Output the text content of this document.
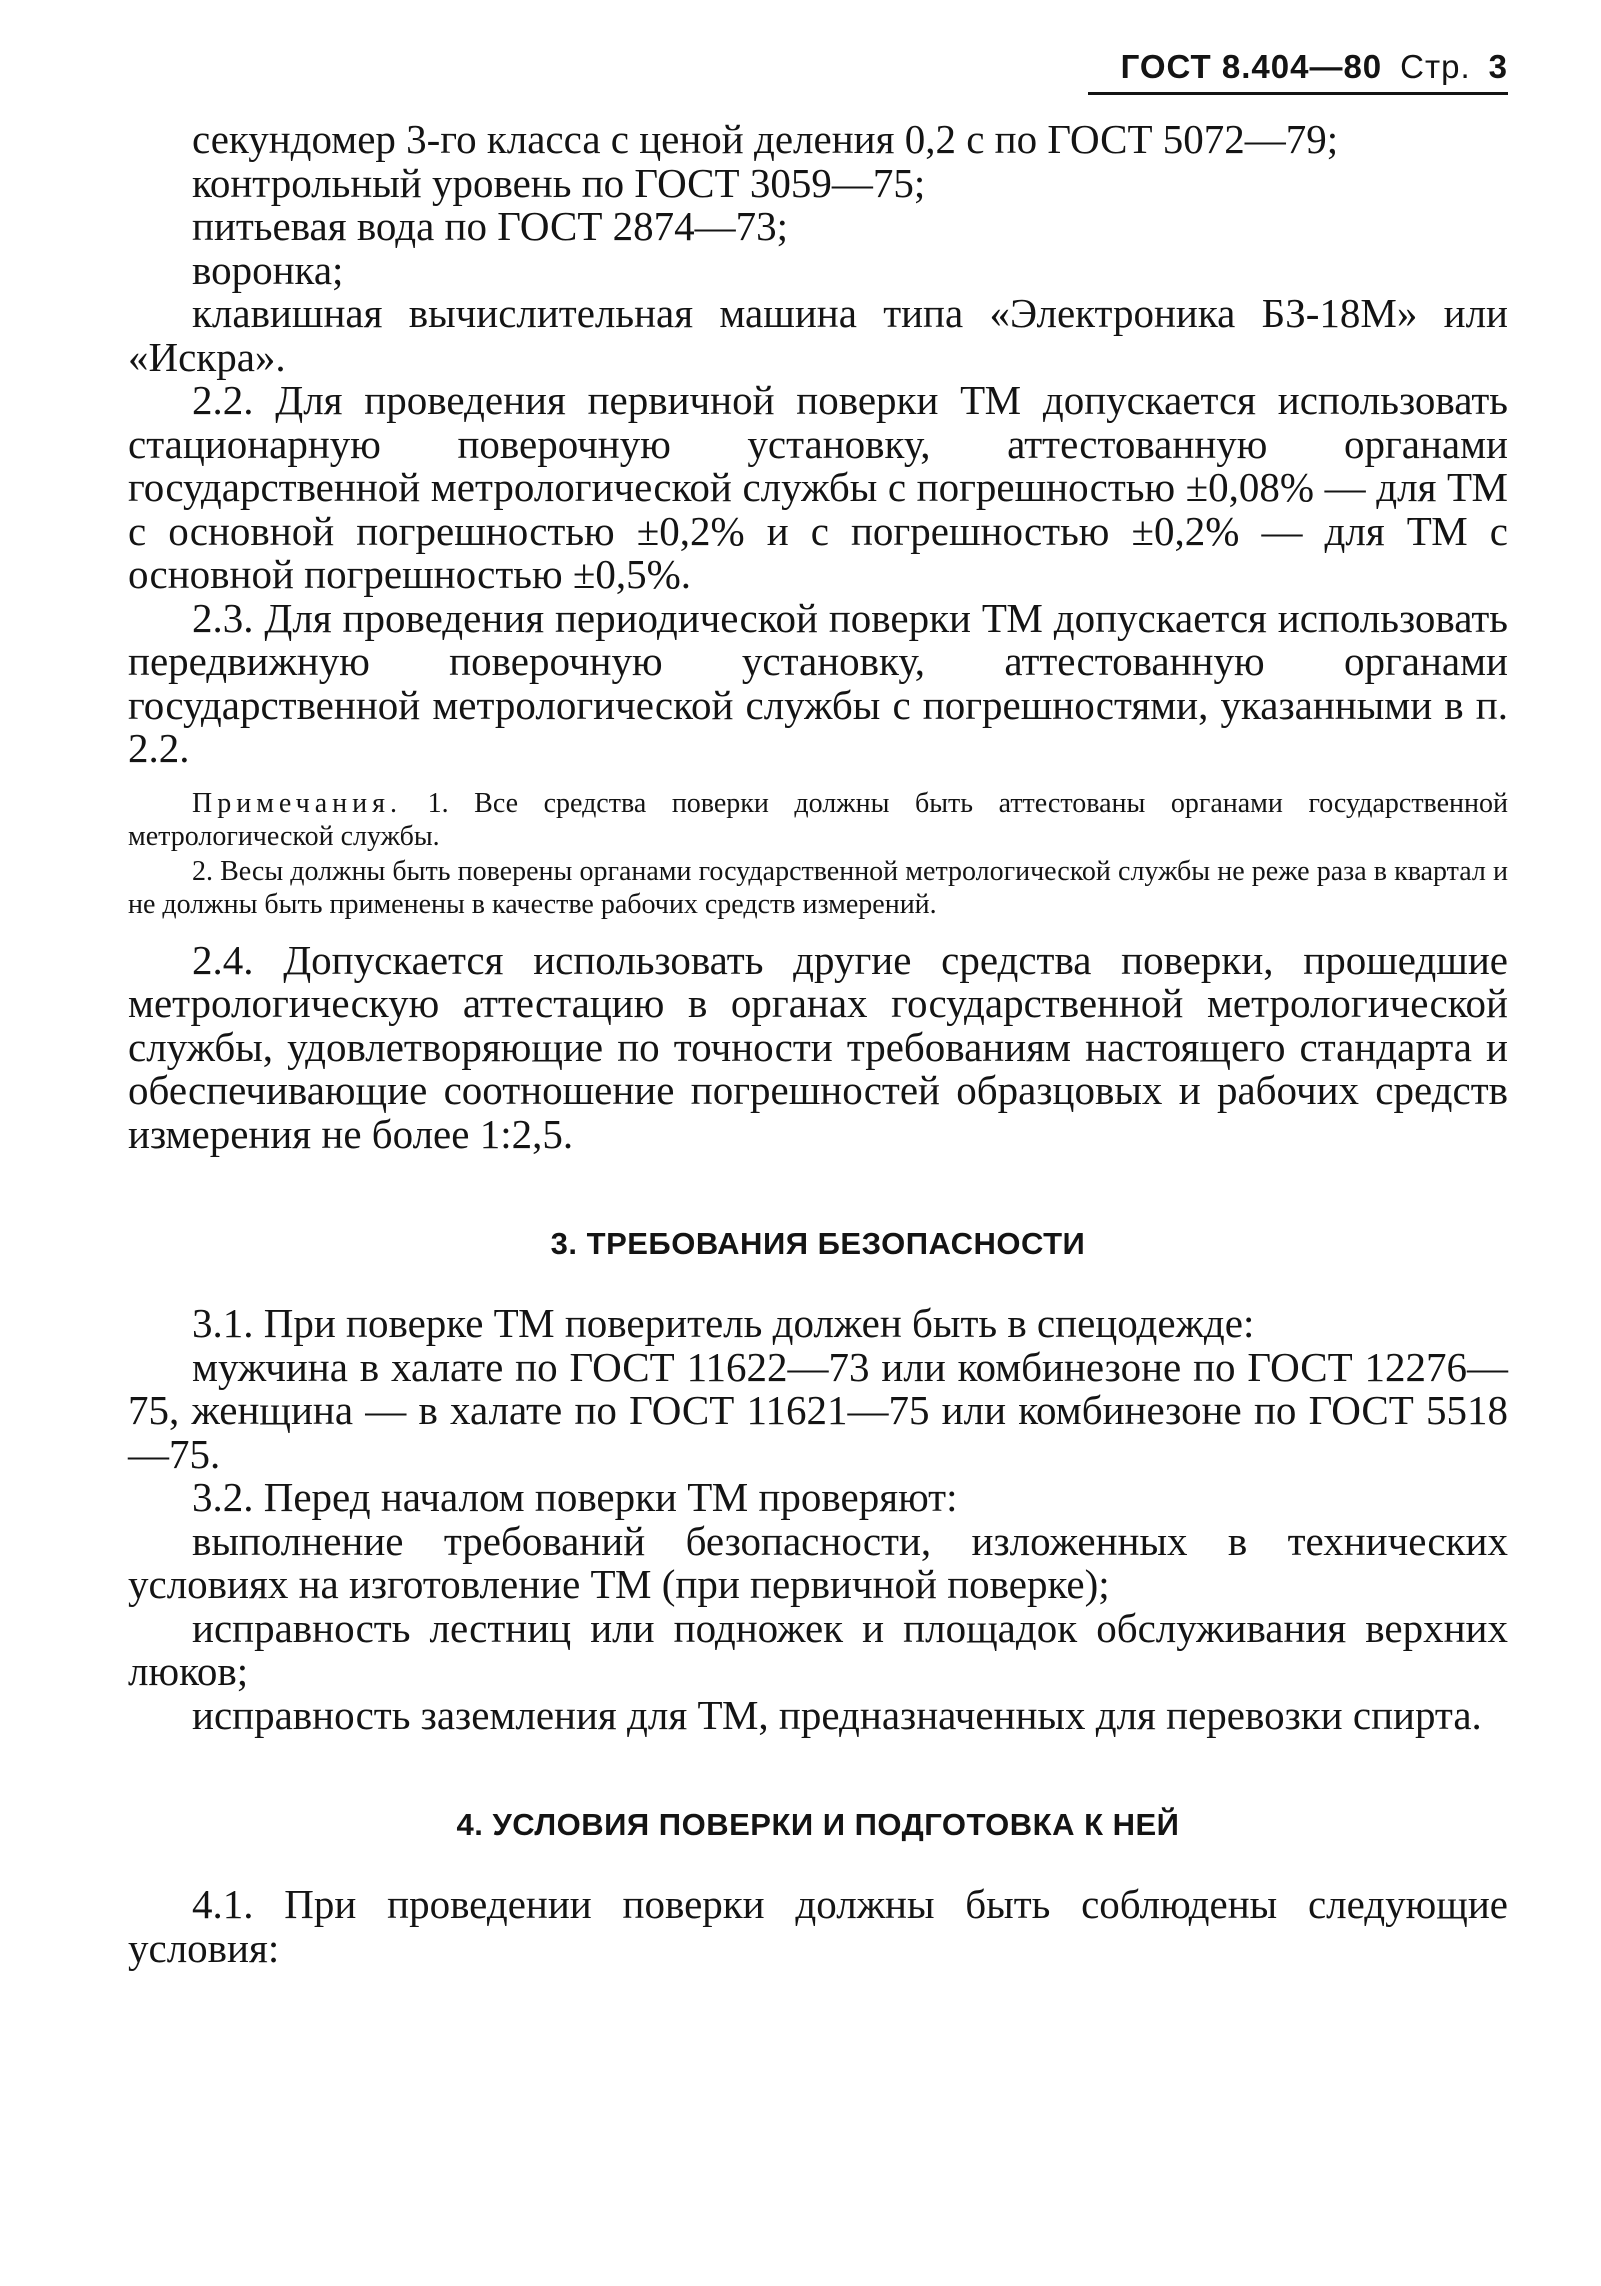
ГОСТ 8.404—80 Стр. 3

секундомер 3-го класса с ценой деления 0,2 с по ГОСТ 5072—79;

контрольный уровень по ГОСТ 3059—75;

питьевая вода по ГОСТ 2874—73;

воронка;

клавишная вычислительная машина типа «Электроника БЗ-18М» или «Искра».

2.2. Для проведения первичной поверки ТМ допускается использовать стационарную поверочную установку, аттестованную органами государственной метрологической службы с погрешностью ±0,08% — для ТМ с основной погрешностью ±0,2% и с погрешностью ±0,2% — для ТМ с основной погрешностью ±0,5%.

2.3. Для проведения периодической поверки ТМ допускается использовать передвижную поверочную установку, аттестованную органами государственной метрологической службы с погрешностями, указанными в п. 2.2.

Примечания. 1. Все средства поверки должны быть аттестованы органами государственной метрологической службы.

2. Весы должны быть поверены органами государственной метрологической службы не реже раза в квартал и не должны быть применены в качестве рабочих средств измерений.

2.4. Допускается использовать другие средства поверки, прошедшие метрологическую аттестацию в органах государственной метрологической службы, удовлетворяющие по точности требованиям настоящего стандарта и обеспечивающие соотношение погрешностей образцовых и рабочих средств измерения не более 1:2,5.

3. ТРЕБОВАНИЯ БЕЗОПАСНОСТИ

3.1. При поверке ТМ поверитель должен быть в спецодежде:

мужчина в халате по ГОСТ 11622—73 или комбинезоне по ГОСТ 12276—75, женщина — в халате по ГОСТ 11621—75 или комбинезоне по ГОСТ 5518—75.

3.2. Перед началом поверки ТМ проверяют:

выполнение требований безопасности, изложенных в технических условиях на изготовление ТМ (при первичной поверке);

исправность лестниц или подножек и площадок обслуживания верхних люков;

исправность заземления для ТМ, предназначенных для перевозки спирта.

4. УСЛОВИЯ ПОВЕРКИ И ПОДГОТОВКА К НЕЙ

4.1. При проведении поверки должны быть соблюдены следующие условия:
